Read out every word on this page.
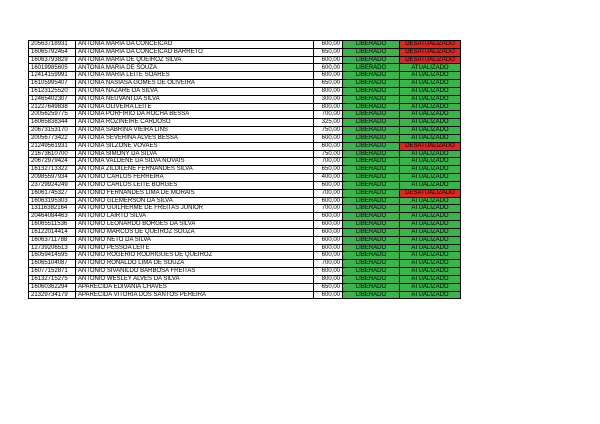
20563718931	ANTONIA MARIA DA CONCEICAO	600,00	LIBERADO	DESATUALIZADO
16065792454	ANTONIA MARIA DA CONCEICAO BARRETO	650,00	LIBERADO	DESATUALIZADO
16063793829	ANTONIA MARIA DE QUEIROZ SILVA	600,00	LIBERADO	DESATUALIZADO
16019985605	ANTONIA MARIA DE SOUZA	600,00	LIBERADO	ATUALIZADO
12414159991	ANTONIA MARIA LEITE SOARES	600,00	LIBERADO	ATUALIZADO
16105995407	ANTONIA NASIASA GOMES DE OLIVEIRA	650,00	LIBERADO	ATUALIZADO
16123125520	ANTONIA NAZARE DA SILVA	800,00	LIBERADO	ATUALIZADO
12465402307	ANTONIA NEUVANI DA SILVA	300,00	LIBERADO	ATUALIZADO
21227649838	ANTONIA OLIVEIRA LEITE	800,00	LIBERADO	ATUALIZADO
20056259775	ANTONIA PORFIRIO DA ROCHA BESSA	700,00	LIBERADO	ATUALIZADO
16065838344	ANTONIA ROZINEIRE CARDOSO	325,00	LIBERADO	ATUALIZADO
20673153170	ANTONIA SABRINA VIEIRA LINS	750,00	LIBERADO	ATUALIZADO
20056773422	ANTONIA SEVERINA ALVES BESSA	600,00	LIBERADO	ATUALIZADO
21249561931	ANTONIA SILZONE VOVAES	600,00	LIBERADO	DESATUALIZADO
21673610700	ANTONIA SIMONY DA SILVA	750,00	LIBERADO	ATUALIZADO
20672979424	ANTONIA VALDENE DA SILVA NOVAIS	700,00	LIBERADO	ATUALIZADO
16132713322	ANTONIA ZILDILENE FERNANDES SILVA	650,00	LIBERADO	ATUALIZADO
20985597934	ANTONIO CARLOS FERREIRA	400,00	LIBERADO	ATUALIZADO
23729924249	ANTONIO CARLOS LEITE BORGES	600,00	LIBERADO	ATUALIZADO
16061745327	ANTONIO FERNANDES LIMA DE MORAIS	700,00	LIBERADO	DESATUALIZADO
16063195303	ANTONIO GLEMERSON DA SILVA	600,00	LIBERADO	ATUALIZADO
13116382164	ANTONIO GUILHERME DE FREITAS JUNIOR	700,00	LIBERADO	ATUALIZADO
20464084463	ANTONIO LAIRTO SILVA	600,00	LIBERADO	ATUALIZADO
16065511536	ANTONIO LEONARDO BORGES DA SILVA	600,00	LIBERADO	ATUALIZADO
16122014414	ANTONIO MARCOS DE QUEIROZ SOUZA	600,00	LIBERADO	ATUALIZADO
16063711788	ANTONIO NETO DA SILVA	600,00	LIBERADO	ATUALIZADO
12739206513	ANTONIO PESSOA LEITE	600,00	LIBERADO	ATUALIZADO
16059414595	ANTONIO ROGERIO RODRIGUES DE QUEIROZ	600,00	LIBERADO	ATUALIZADO
16065104087	ANTONIO RONALDO LIMA DE SOUZA	700,00	LIBERADO	ATUALIZADO
16077152871	ANTONIO SIVANILDO BARBOSA FREITAS	600,00	LIBERADO	ATUALIZADO
16132715275	ANTONIO WESLEY ALVES DA SILVA	800,00	LIBERADO	ATUALIZADO
16060362294	APARECIDA EDIVANIA CHAVES	650,00	LIBERADO	ATUALIZADO
21329734179	APARECIDA VITORIA DOS SANTOS PEREIRA	600,00	LIBERADO	ATUALIZADO
